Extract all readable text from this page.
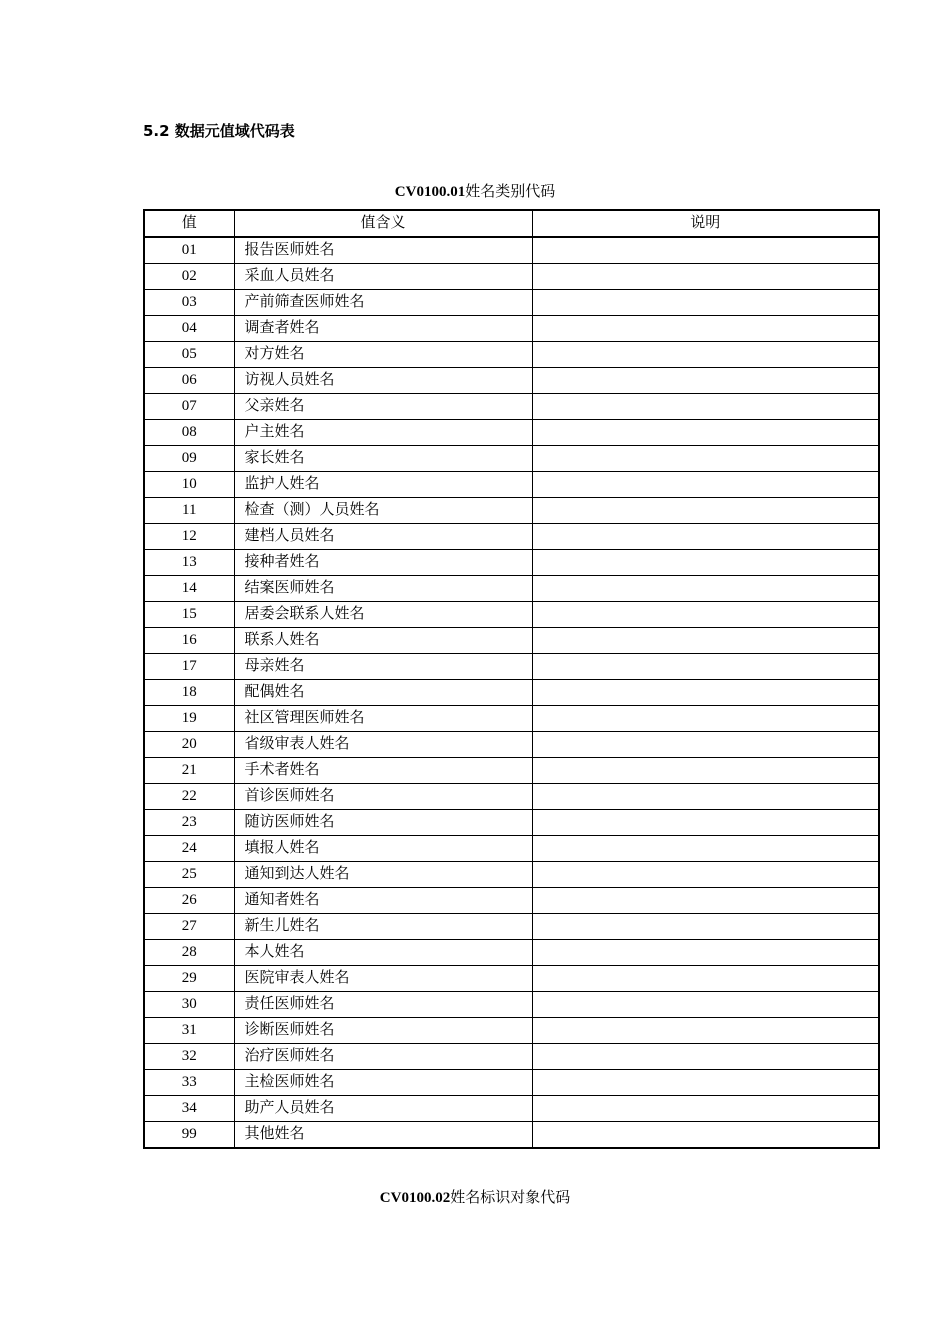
5.2 数据元值域代码表
CV0100.01姓名类别代码
值	值含义	说明
01	报告医师姓名	
02	采血人员姓名	
03	产前筛查医师姓名	
04	调查者姓名	
05	对方姓名	
06	访视人员姓名	
07	父亲姓名	
08	户主姓名	
09	家长姓名	
10	监护人姓名	
11	检查（测）人员姓名	
12	建档人员姓名	
13	接种者姓名	
14	结案医师姓名	
15	居委会联系人姓名	
16	联系人姓名	
17	母亲姓名	
18	配偶姓名	
19	社区管理医师姓名	
20	省级审表人姓名	
21	手术者姓名	
22	首诊医师姓名	
23	随访医师姓名	
24	填报人姓名	
25	通知到达人姓名	
26	通知者姓名	
27	新生儿姓名	
28	本人姓名	
29	医院审表人姓名	
30	责任医师姓名	
31	诊断医师姓名	
32	治疗医师姓名	
33	主检医师姓名	
34	助产人员姓名	
99	其他姓名	
CV0100.02姓名标识对象代码
